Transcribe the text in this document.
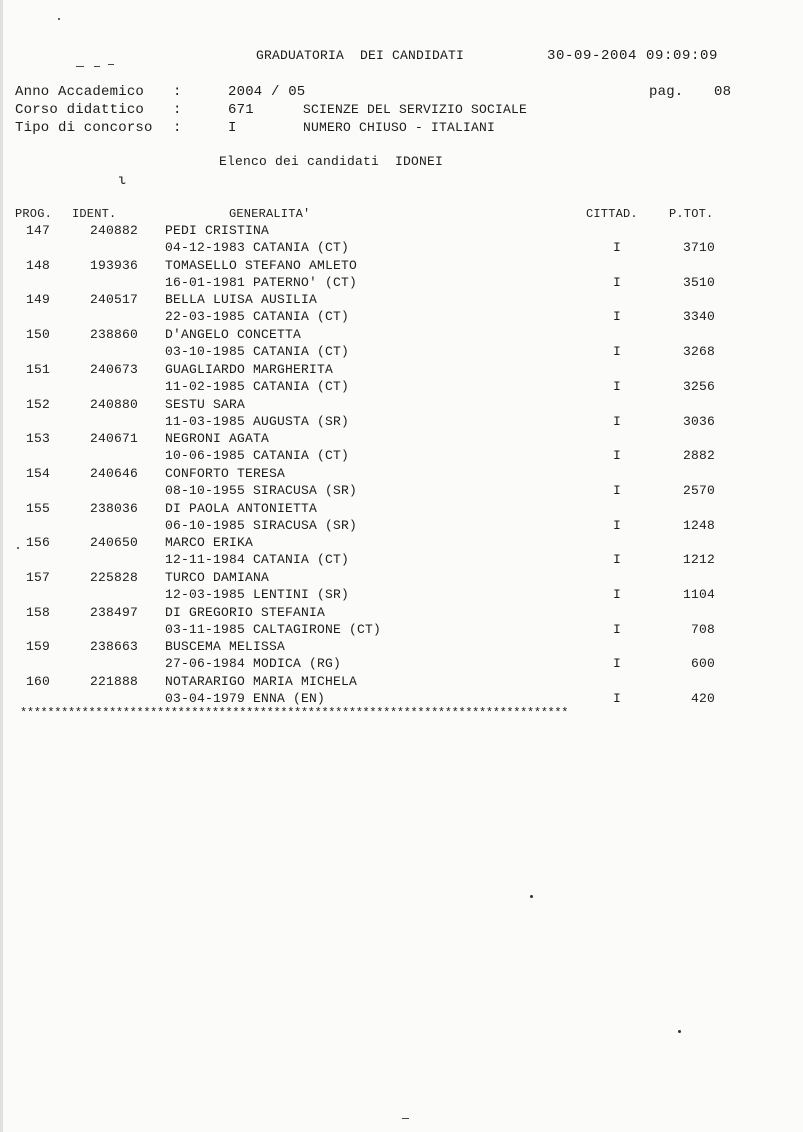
GRADUATORIA  DEI CANDIDATI	30-09-2004 09:09:09
Anno Accademico :	2004 / 05
Corso didattico :	671	SCIENZE DEL SERVIZIO SOCIALE
Tipo di concorso :	I	NUMERO CHIUSO - ITALIANI
pag. 08
Elenco dei candidati  IDONEI
ι
PROG. IDENT.	GENERALITA'	CITTAD.	P.TOT.
147	240882 PEDI CRISTINA
04-12-1983 CATANIA (CT)	I	3710
148	193936 TOMASELLO STEFANO AMLETO
16-01-1981 PATERNO' (CT)	I	3510
149	240517 BELLA LUISA AUSILIA
22-03-1985 CATANIA (CT)	I	3340
150	238860 D'ANGELO CONCETTA
03-10-1985 CATANIA (CT)	I	3268
151	240673 GUAGLIARDO MARGHERITA
11-02-1985 CATANIA (CT)	I	3256
152	240880 SESTU SARA
11-03-1985 AUGUSTA (SR)	I	3036
153	240671 NEGRONI AGATA
10-06-1985 CATANIA (CT)	I	2882
154	240646 CONFORTO TERESA
08-10-1955 SIRACUSA (SR)	I	2570
155	238036 DI PAOLA ANTONIETTA
06-10-1985 SIRACUSA (SR)	I	1248
156	240650 MARCO ERIKA
12-11-1984 CATANIA (CT)	I	1212
157	225828 TURCO DAMIANA
12-03-1985 LENTINI (SR)	I	1104
158	238497 DI GREGORIO STEFANIA
03-11-1985 CALTAGIRONE (CT)	I	708
159	238663 BUSCEMA MELISSA
27-06-1984 MODICA (RG)	I	600
160	221888 NOTARARIGO MARIA MICHELA
03-04-1979 ENNA (EN)	I	420
********************************************************************************
